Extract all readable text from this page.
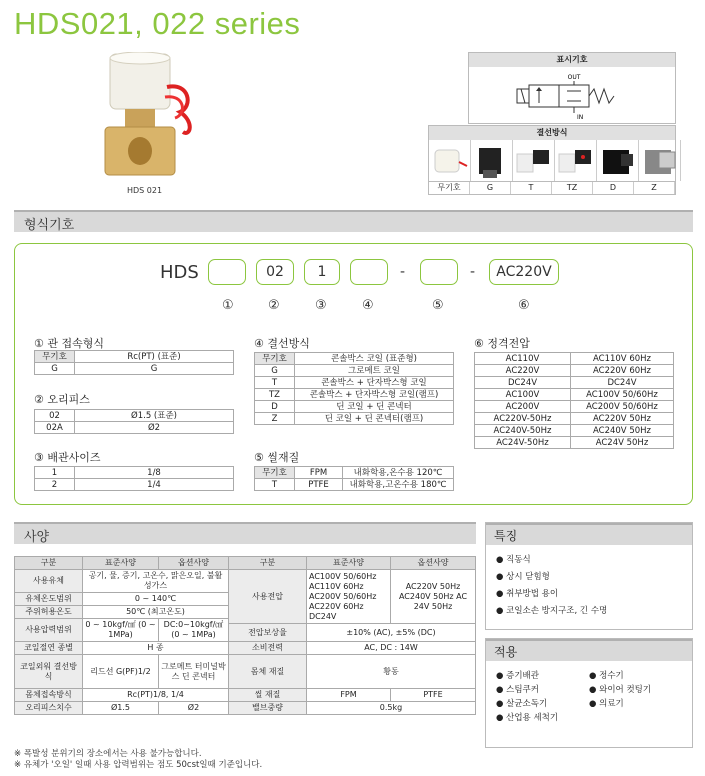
HDS021, 022 series
HDS 021
표시기호
OUT
IN
결선방식
무기호	G	T	TZ	D	Z
형식기호
HDS	02	1	-	-	AC220V
①	②	③	④	⑤	⑥
① 관 접속형식
무기호	Rc(PT) (표준)
G	G
② 오리피스
02	Ø1.5 (표준)
02A	Ø2
③ 배관사이즈
1	1/8
2	1/4
④ 결선방식
무기호	콘솔박스 코일 (표준형)
G	그로메트 코일
T	콘솔박스 + 단자박스형 코일
TZ	콘솔박스 + 단자박스형 코일(램프)
D	딘 코일 + 딘 콘넥터
Z	딘 코일 + 딘 콘넥터(램프)
⑤ 씰재질
무기호	FPM	내화학용,온수용 120℃
T	PTFE	내화학용,고온수용 180℃
⑥ 정격전압
AC110V	AC110V 60Hz
AC220V	AC220V 60Hz
DC24V	DC24V
AC100V	AC100V 50/60Hz
AC200V	AC200V 50/60Hz
AC220V-50Hz	AC220V 50Hz
AC240V-50Hz	AC240V 50Hz
AC24V-50Hz	AC24V 50Hz
사양
구분	표준사양	옵션사양	구분	표준사양	옵션사양
사용유체	공기, 물, 증기, 고온수, 맑은오일, 불활성가스		사용전압	AC100V 50/60Hz AC110V 60Hz AC200V 50/60Hz AC220V 60Hz DC24V	AC220V 50Hz AC240V 50Hz AC 24V 50Hz
유체온도범위	0 ~ 140℃				
주위허용온도	50℃ (최고온도)				
사용압력범위	0 ~ 10kgf/㎠ (0 ~ 1MPa)	DC:0~10kgf/㎠ (0 ~ 1MPa)			
			전압보상율	±10% (AC), ±5% (DC)	
코일절연 종별	H 종		소비전력	AC, DC : 14W	
코일외워 결선방식	리드선 G(PF)1/2	그로메트 터미널박스 딘 콘넥터	몸체 재질	황동	
몸체접속방식	Rc(PT)1/8, 1/4		씰 재질	FPM	PTFE
오리피스치수	Ø1.5	Ø2	밸브중량	0.5kg	
특징
● 직동식
● 상시 닫힘형
● 취부방법 용이
● 코일소손 방지구조, 긴 수명
적용
● 증기배관	● 정수기
● 스팀쿠커	● 와이어 컷팅기
● 살균소독기	● 의료기
● 산업용 세척기
※ 폭발성 분위기의 장소에서는 사용 불가능합니다.
※ 유체가 '오일' 일때 사용 압력범위는 점도 50cst일때 기준입니다.
